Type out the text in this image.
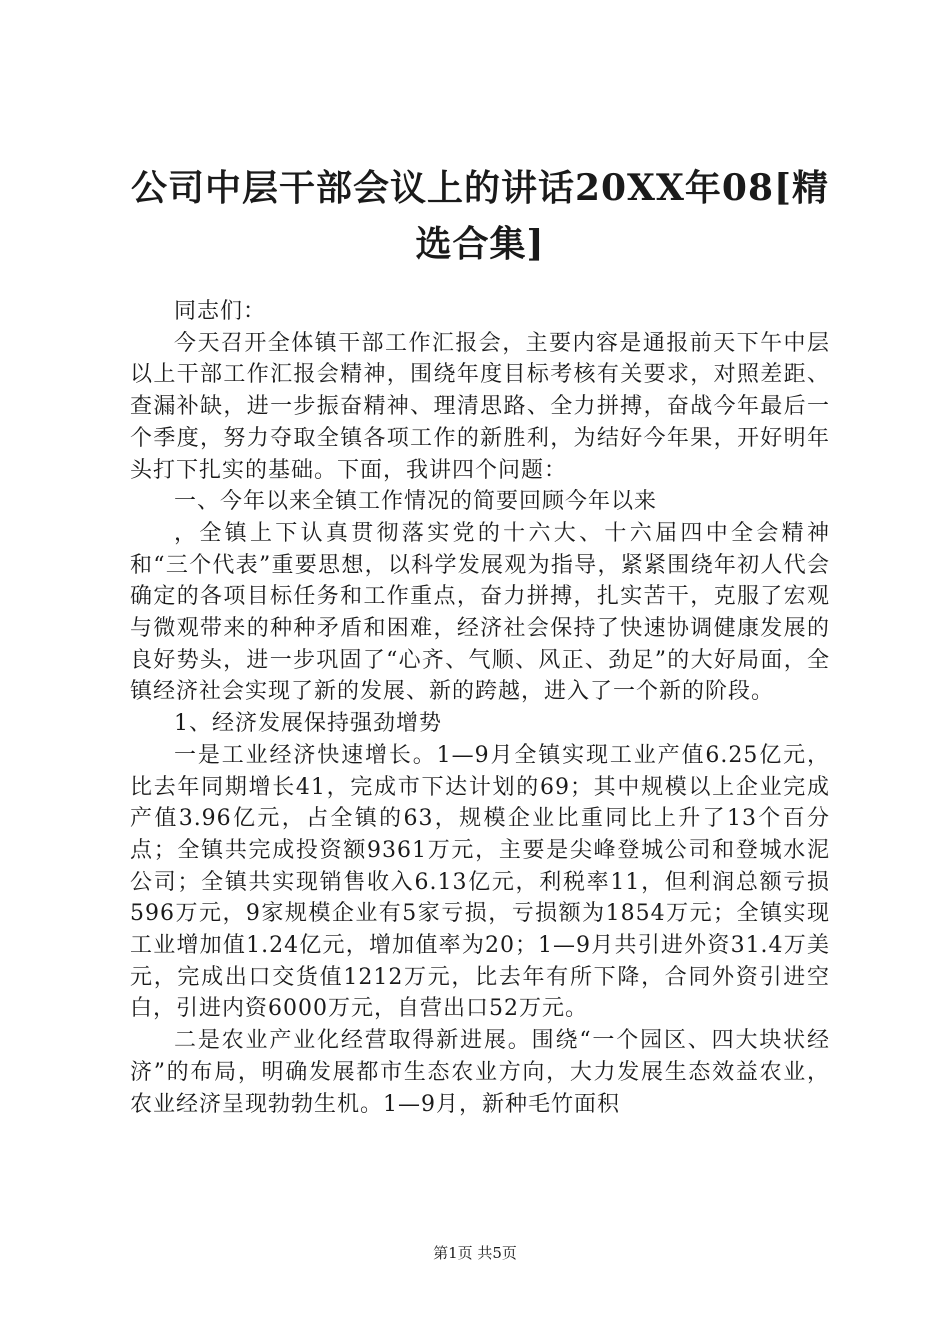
公司中层干部会议上的讲话20XX年08[精选合集]

同志们：

今天召开全体镇干部工作汇报会，主要内容是通报前天下午中层以上干部工作汇报会精神，围绕年度目标考核有关要求，对照差距、查漏补缺，进一步振奋精神、理清思路、全力拼搏，奋战今年最后一个季度，努力夺取全镇各项工作的新胜利，为结好今年果，开好明年头打下扎实的基础。下面，我讲四个问题：

一、今年以来全镇工作情况的简要回顾今年以来

，全镇上下认真贯彻落实党的十六大、十六届四中全会精神和“三个代表”重要思想，以科学发展观为指导，紧紧围绕年初人代会确定的各项目标任务和工作重点，奋力拼搏，扎实苦干，克服了宏观与微观带来的种种矛盾和困难，经济社会保持了快速协调健康发展的良好势头，进一步巩固了“心齐、气顺、风正、劲足”的大好局面，全镇经济社会实现了新的发展、新的跨越，进入了一个新的阶段。

1、经济发展保持强劲增势

一是工业经济快速增长。1—9月全镇实现工业产值6.25亿元，比去年同期增长41，完成市下达计划的69；其中规模以上企业完成产值3.96亿元，占全镇的63，规模企业比重同比上升了13个百分点；全镇共完成投资额9361万元，主要是尖峰登城公司和登城水泥公司；全镇共实现销售收入6.13亿元，利税率11，但利润总额亏损596万元，9家规模企业有5家亏损，亏损额为1854万元；全镇实现工业增加值1.24亿元，增加值率为20；1—9月共引进外资31.4万美元，完成出口交货值1212万元，比去年有所下降，合同外资引进空白，引进内资6000万元，自营出口52万元。

二是农业产业化经营取得新进展。围绕“一个园区、四大块状经济”的布局，明确发展都市生态农业方向，大力发展生态效益农业，农业经济呈现勃勃生机。1—9月，新种毛竹面积

第1页 共5页
